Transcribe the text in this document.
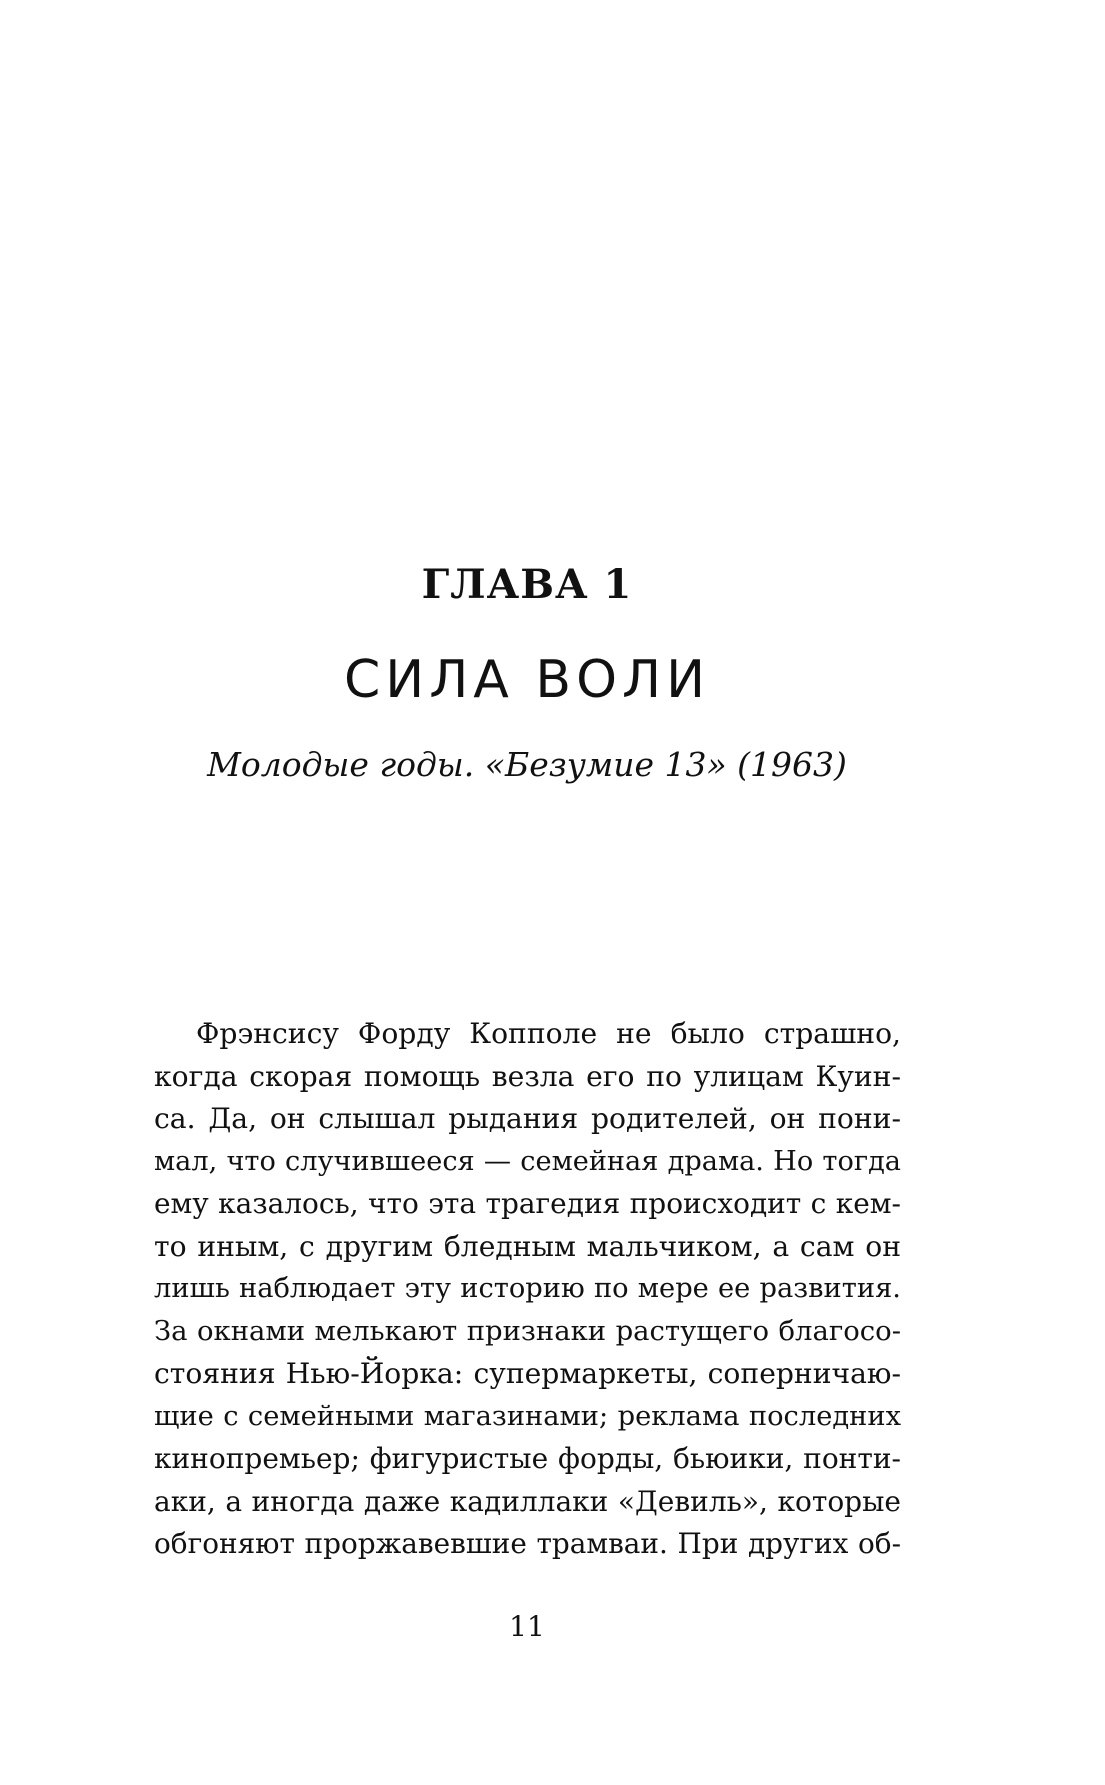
ГЛАВА 1
СИЛА ВОЛИ
Молодые годы. «Безумие 13» (1963)
Фрэнсису Форду Копполе не было страшно,
когда скорая помощь везла его по улицам Куин-
са. Да, он слышал рыдания родителей, он пони-
мал, что случившееся — семейная драма. Но тогда
ему казалось, что эта трагедия происходит с кем-
то иным, с другим бледным мальчиком, а сам он
лишь наблюдает эту историю по мере ее развития.
За окнами мелькают признаки растущего благосо-
стояния Нью-Йорка: супермаркеты, соперничаю-
щие с семейными магазинами; реклама последних
кинопремьер; фигуристые форды, бьюики, понти-
аки, а иногда даже кадиллаки «Девиль», которые
обгоняют проржавевшие трамваи. При других об-
11
